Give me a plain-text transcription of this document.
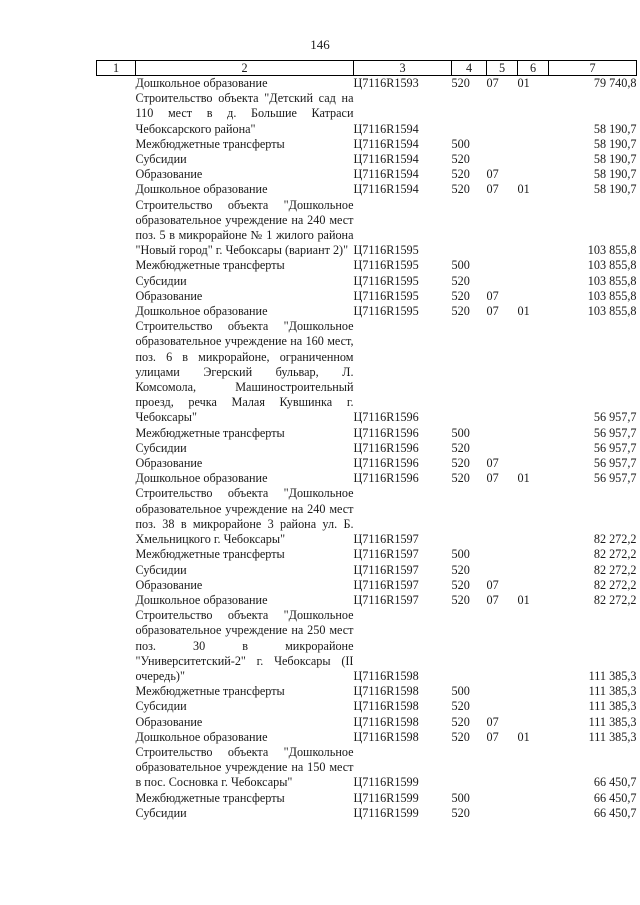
146
1	2	3	4	5	6	7
	Дошкольное образование	Ц7116R1593	520	07	01	79 740,8
	Строительство объекта "Детский сад на 110 мест в д. Большие Катраси Чебоксарского района"	Ц7116R1594				58 190,7
	Межбюджетные трансферты	Ц7116R1594	500			58 190,7
	Субсидии	Ц7116R1594	520			58 190,7
	Образование	Ц7116R1594	520	07		58 190,7
	Дошкольное образование	Ц7116R1594	520	07	01	58 190,7
	Строительство объекта "Дошкольное образовательное учреждение на 240 мест поз. 5 в микрорайоне № 1 жилого района "Новый город" г. Чебоксары (вариант 2)"	Ц7116R1595				103 855,8
	Межбюджетные трансферты	Ц7116R1595	500			103 855,8
	Субсидии	Ц7116R1595	520			103 855,8
	Образование	Ц7116R1595	520	07		103 855,8
	Дошкольное образование	Ц7116R1595	520	07	01	103 855,8
	Строительство объекта "Дошкольное образовательное учреждение на 160 мест, поз. 6 в микрорайоне, ограниченном улицами Эгерский бульвар, Л. Комсомола, Машиностроительный проезд, речка Малая Кувшинка г. Чебоксары"	Ц7116R1596				56 957,7
	Межбюджетные трансферты	Ц7116R1596	500			56 957,7
	Субсидии	Ц7116R1596	520			56 957,7
	Образование	Ц7116R1596	520	07		56 957,7
	Дошкольное образование	Ц7116R1596	520	07	01	56 957,7
	Строительство объекта "Дошкольное образовательное учреждение на 240 мест поз. 38 в микрорайоне 3 района ул. Б. Хмельницкого г. Чебоксары"	Ц7116R1597				82 272,2
	Межбюджетные трансферты	Ц7116R1597	500			82 272,2
	Субсидии	Ц7116R1597	520			82 272,2
	Образование	Ц7116R1597	520	07		82 272,2
	Дошкольное образование	Ц7116R1597	520	07	01	82 272,2
	Строительство объекта "Дошкольное образовательное учреждение на 250 мест поз. 30 в микрорайоне "Университетский-2" г. Чебоксары (II очередь)"	Ц7116R1598				111 385,3
	Межбюджетные трансферты	Ц7116R1598	500			111 385,3
	Субсидии	Ц7116R1598	520			111 385,3
	Образование	Ц7116R1598	520	07		111 385,3
	Дошкольное образование	Ц7116R1598	520	07	01	111 385,3
	Строительство объекта "Дошкольное образовательное учреждение на 150 мест в пос. Сосновка г. Чебоксары"	Ц7116R1599				66 450,7
	Межбюджетные трансферты	Ц7116R1599	500			66 450,7
	Субсидии	Ц7116R1599	520			66 450,7
